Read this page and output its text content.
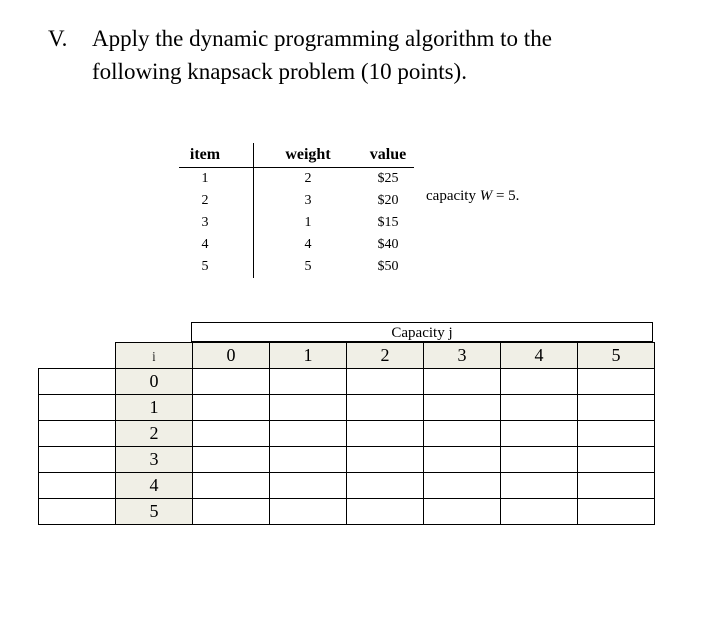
V.	Apply the dynamic programming algorithm to the
following knapsack problem (10 points).
item		weight	value
1		2	$25
2		3	$20
3		1	$15
4		4	$40
5		5	$50
capacity W = 5.
Capacity j
	i	0	1	2	3	4	5
	0						
	1						
	2						
	3						
	4						
	5						
